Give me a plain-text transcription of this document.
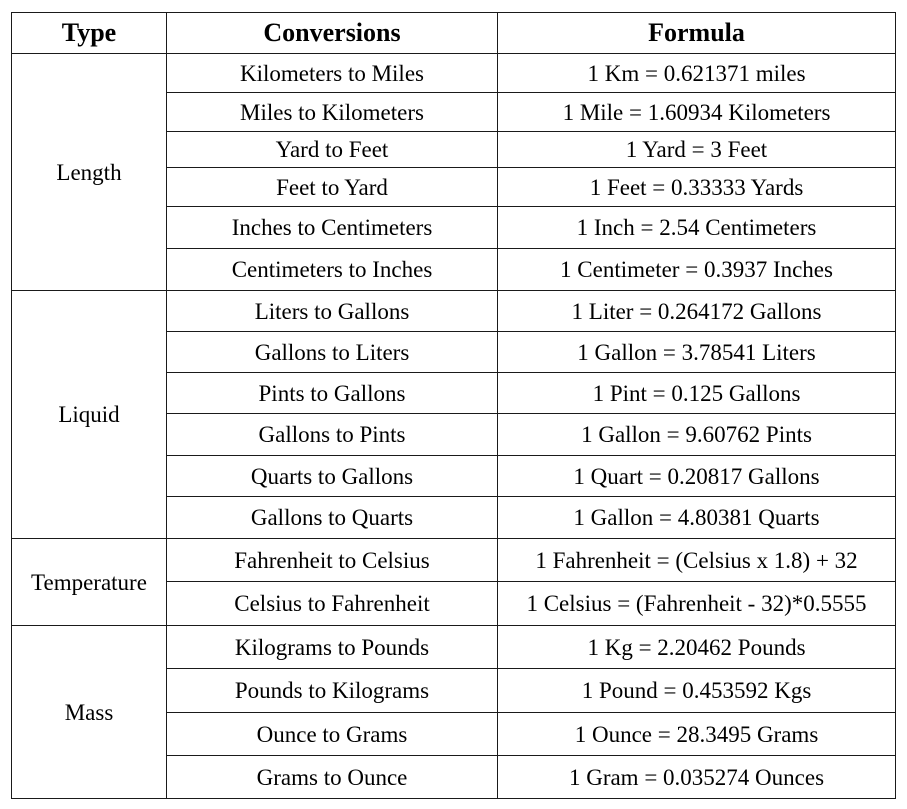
Type	Conversions	Formula
Length	Kilometers to Miles	1 Km = 0.621371 miles
	Miles to Kilometers	1 Mile = 1.60934 Kilometers
	Yard to Feet	1 Yard = 3 Feet
	Feet to Yard	1 Feet = 0.33333 Yards
	Inches to Centimeters	1 Inch = 2.54 Centimeters
	Centimeters to Inches	1 Centimeter = 0.3937 Inches
Liquid	Liters to Gallons	1 Liter = 0.264172 Gallons
	Gallons to Liters	1 Gallon = 3.78541 Liters
	Pints to Gallons	1 Pint = 0.125 Gallons
	Gallons to Pints	1 Gallon = 9.60762 Pints
	Quarts to Gallons	1 Quart = 0.20817 Gallons
	Gallons to Quarts	1 Gallon = 4.80381 Quarts
Temperature	Fahrenheit to Celsius	1 Fahrenheit = (Celsius x 1.8) + 32
	Celsius to Fahrenheit	1 Celsius = (Fahrenheit - 32)*0.5555
Mass	Kilograms to Pounds	1 Kg = 2.20462 Pounds
	Pounds to Kilograms	1 Pound = 0.453592 Kgs
	Ounce to Grams	1 Ounce = 28.3495 Grams
	Grams to Ounce	1 Gram = 0.035274 Ounces
